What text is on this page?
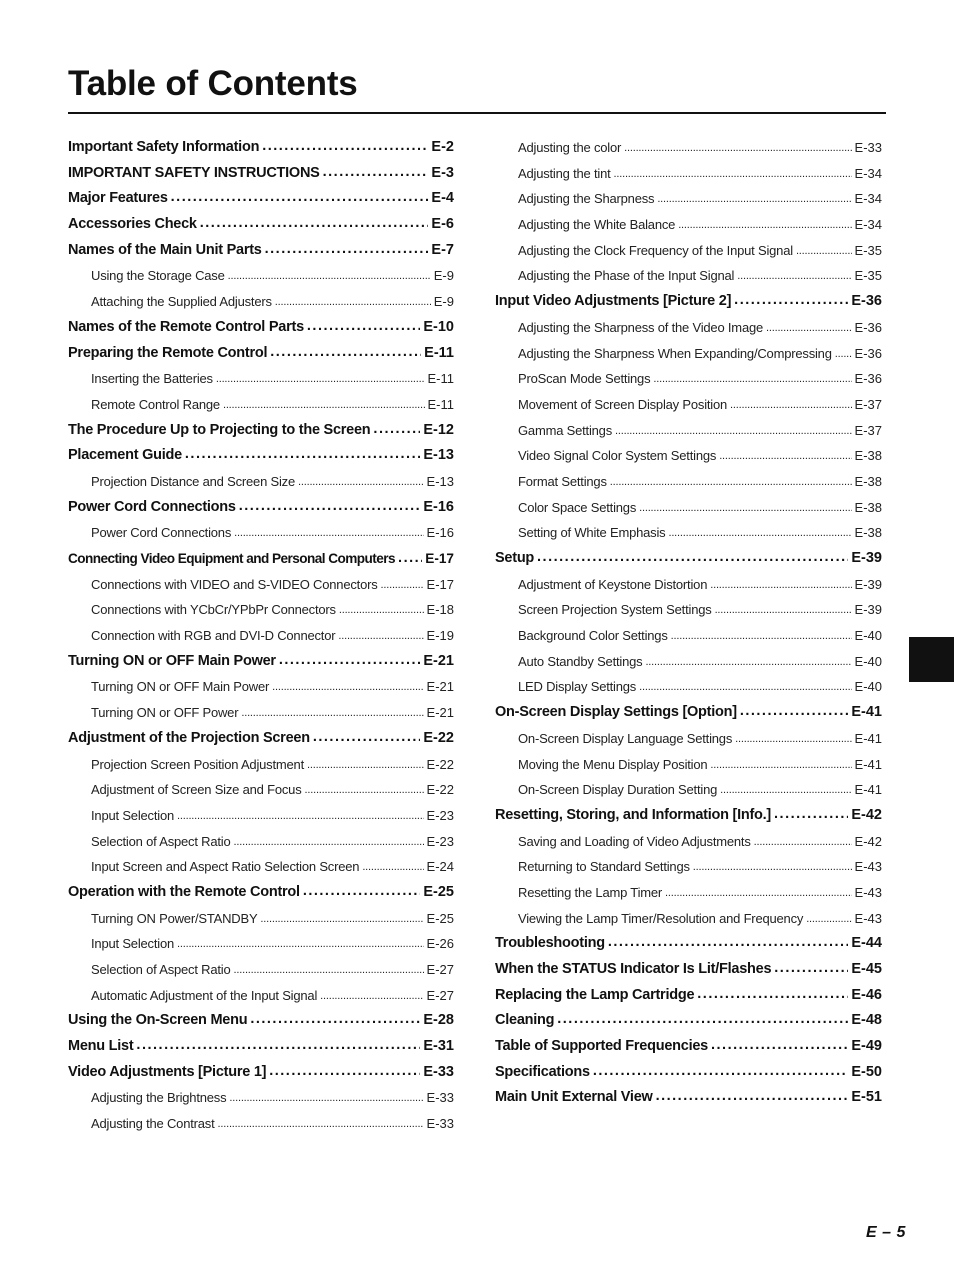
Table of Contents
Important Safety Information .....	E-2
IMPORTANT SAFETY INSTRUCTIONS .....	E-3
Major Features .....	E-4
Accessories Check .....	E-6
Names of the Main Unit Parts .....	E-7
Using the Storage Case .....	E-9
Attaching the Supplied Adjusters .....	E-9
Names of the Remote Control Parts .....	E-10
Preparing the Remote Control .....	E-11
Inserting the Batteries .....	E-11
Remote Control Range .....	E-11
The Procedure Up to Projecting to the Screen .....	E-12
Placement Guide .....	E-13
Projection Distance and Screen Size .....	E-13
Power Cord Connections .....	E-16
Power Cord Connections .....	E-16
Connecting Video Equipment and Personal Computers ..... E-17
Connections with VIDEO and S-VIDEO Connectors .....	E-17
Connections with YCbCr/YPbPr Connectors .....	E-18
Connection with RGB and DVI-D Connector .....	E-19
Turning ON or OFF Main Power .....	E-21
Turning ON or OFF Main Power .....	E-21
Turning ON or OFF Power .....	E-21
Adjustment of the Projection Screen .....	E-22
Projection Screen Position Adjustment .....	E-22
Adjustment of Screen Size and Focus .....	E-22
Input Selection .....	E-23
Selection of Aspect Ratio .....	E-23
Input Screen and Aspect Ratio Selection Screen .....	E-24
Operation with the Remote Control .....	E-25
Turning ON Power/STANDBY .....	E-25
Input Selection .....	E-26
Selection of Aspect Ratio .....	E-27
Automatic Adjustment of the Input Signal .....	E-27
Using the On-Screen Menu .....	E-28
Menu List .....	E-31
Video Adjustments [Picture 1] .....	E-33
Adjusting the Brightness .....	E-33
Adjusting the Contrast .....	E-33
Adjusting the color .....	E-33
Adjusting the tint .....	E-34
Adjusting the Sharpness .....	E-34
Adjusting the White Balance .....	E-34
Adjusting the Clock Frequency of the Input Signal .....	E-35
Adjusting the Phase of the Input Signal .....	E-35
Input Video Adjustments [Picture 2] .....	E-36
Adjusting the Sharpness of the Video Image .....	E-36
Adjusting the Sharpness When Expanding/Compressing ..... E-36
ProScan Mode Settings .....	E-36
Movement of Screen Display Position .....	E-37
Gamma Settings .....	E-37
Video Signal Color System Settings .....	E-38
Format Settings .....	E-38
Color Space Settings .....	E-38
Setting of White Emphasis .....	E-38
Setup .....	E-39
Adjustment of Keystone Distortion .....	E-39
Screen Projection System Settings .....	E-39
Background Color Settings .....	E-40
Auto Standby Settings .....	E-40
LED Display Settings .....	E-40
On-Screen Display Settings [Option] .....	E-41
On-Screen Display Language Settings .....	E-41
Moving the Menu Display Position .....	E-41
On-Screen Display Duration Setting .....	E-41
Resetting, Storing, and Information [Info.] .....	E-42
Saving and Loading of Video Adjustments .....	E-42
Returning to Standard Settings .....	E-43
Resetting the Lamp Timer .....	E-43
Viewing the Lamp Timer/Resolution and Frequency .....	E-43
Troubleshooting .....	E-44
When the STATUS Indicator Is Lit/Flashes .....	E-45
Replacing the Lamp Cartridge .....	E-46
Cleaning .....	E-48
Table of Supported Frequencies .....	E-49
Specifications .....	E-50
Main Unit External View .....	E-51
E – 5
